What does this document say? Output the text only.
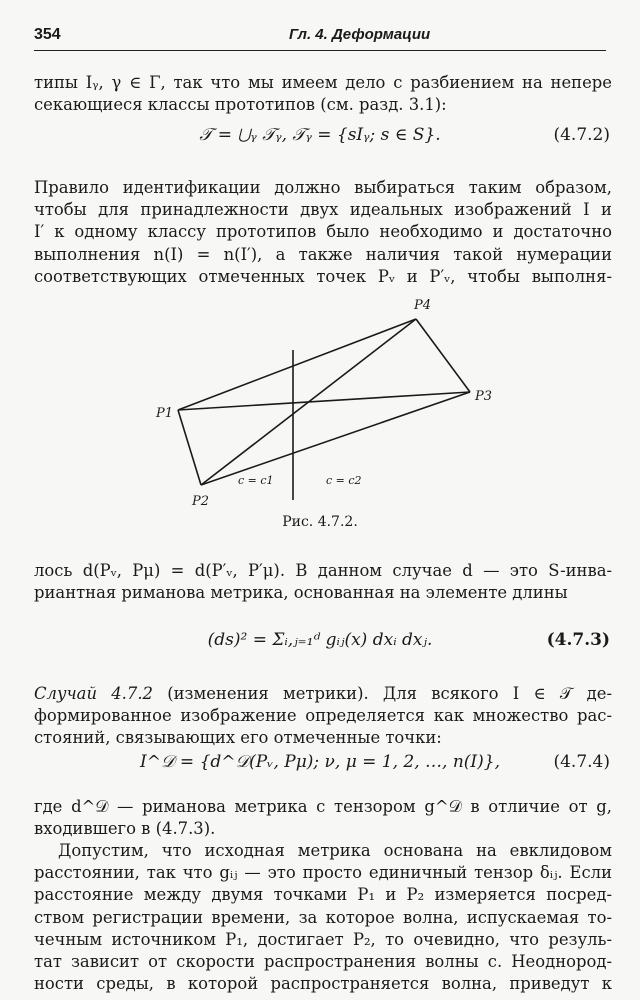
354	Гл. 4. Деформации
типы Iᵧ, γ ∈ Γ, так что мы имеем дело с разбиением на непере
секающиеся классы прототипов (см. разд. 3.1):
𝒯 = ⋃ᵧ 𝒯ᵧ, 𝒯ᵧ = {sIᵧ; s ∈ S}.	(4.7.2)
Правило идентификации должно выбираться таким образом,
чтобы для принадлежности двух идеальных изображений I и
I′ к одному классу прототипов было необходимо и достаточно
выполнения n(I) = n(I′), а также наличия такой нумерации
соответствующих отмеченных точек Pᵥ и P′ᵥ, чтобы выполня-
P1
P2
P3
P4
c = c1	c = c2
Рис. 4.7.2.
лось d(Pᵥ, Pμ) = d(P′ᵥ, P′μ). В данном случае d — это S-инва-
риантная риманова метрика, основанная на элементе длины
(ds)² = Σᵢ,ⱼ₌₁ᵈ gᵢⱼ(x) dxᵢ dxⱼ.	(4.7.3)
Случай 4.7.2 (изменения метрики). Для всякого I ∈ 𝒯 де-
формированное изображение определяется как множество рас-
стояний, связывающих его отмеченные точки:
I^𝒟 = {d^𝒟(Pᵥ, Pμ); ν, μ = 1, 2, …, n(I)},	(4.7.4)
где d^𝒟 — риманова метрика с тензором g^𝒟 в отличие от g,
входившего в (4.7.3).
Допустим, что исходная метрика основана на евклидовом
расстоянии, так что gᵢⱼ — это просто единичный тензор δᵢⱼ. Если
расстояние между двумя точками P₁ и P₂ измеряется посред-
ством регистрации времени, за которое волна, испускаемая то-
чечным источником P₁, достигает P₂, то очевидно, что резуль-
тат зависит от скорости распространения волны c. Неоднород-
ности среды, в которой распространяется волна, приведут к
